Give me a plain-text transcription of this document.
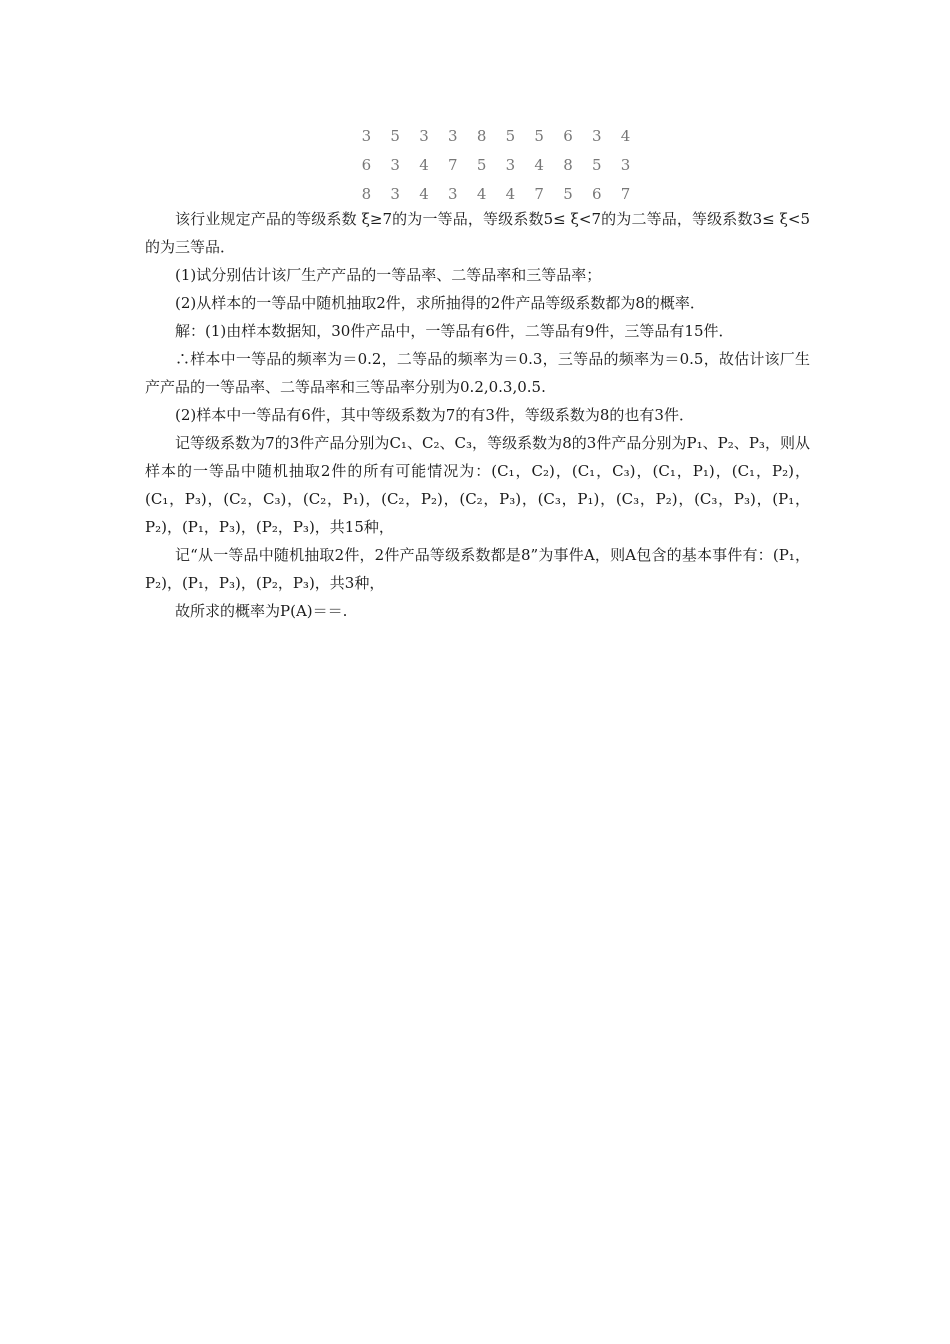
3	5	3	3	8	5	5	6	3	4
6	3	4	7	5	3	4	8	5	3
8	3	4	3	4	4	7	5	6	7

该行业规定产品的等级系数 ξ≥7的为一等品，等级系数5≤ ξ<7的为二等品，等级系数3≤ ξ<5的为三等品．

(1)试分别估计该厂生产产品的一等品率、二等品率和三等品率；

(2)从样本的一等品中随机抽取2件，求所抽得的2件产品等级系数都为8的概率．

解：(1)由样本数据知，30件产品中，一等品有6件，二等品有9件，三等品有15件．

∴样本中一等品的频率为＝0.2，二等品的频率为＝0.3，三等品的频率为＝0.5，故估计该厂生产产品的一等品率、二等品率和三等品率分别为0.2,0.3,0.5.

(2)样本中一等品有6件，其中等级系数为7的有3件，等级系数为8的也有3件．

记等级系数为7的3件产品分别为C₁、C₂、C₃，等级系数为8的3件产品分别为P₁、P₂、P₃，则从样本的一等品中随机抽取2件的所有可能情况为：(C₁，C₂)，(C₁，C₃)，(C₁，P₁)，(C₁，P₂)，(C₁，P₃)，(C₂，C₃)，(C₂，P₁)，(C₂，P₂)，(C₂，P₃)，(C₃，P₁)，(C₃，P₂)，(C₃，P₃)，(P₁，P₂)，(P₁，P₃)，(P₂，P₃)，共15种，

记“从一等品中随机抽取2件，2件产品等级系数都是8”为事件A，则A包含的基本事件有：(P₁，P₂)，(P₁，P₃)，(P₂，P₃)，共3种，

故所求的概率为P(A)＝＝.
